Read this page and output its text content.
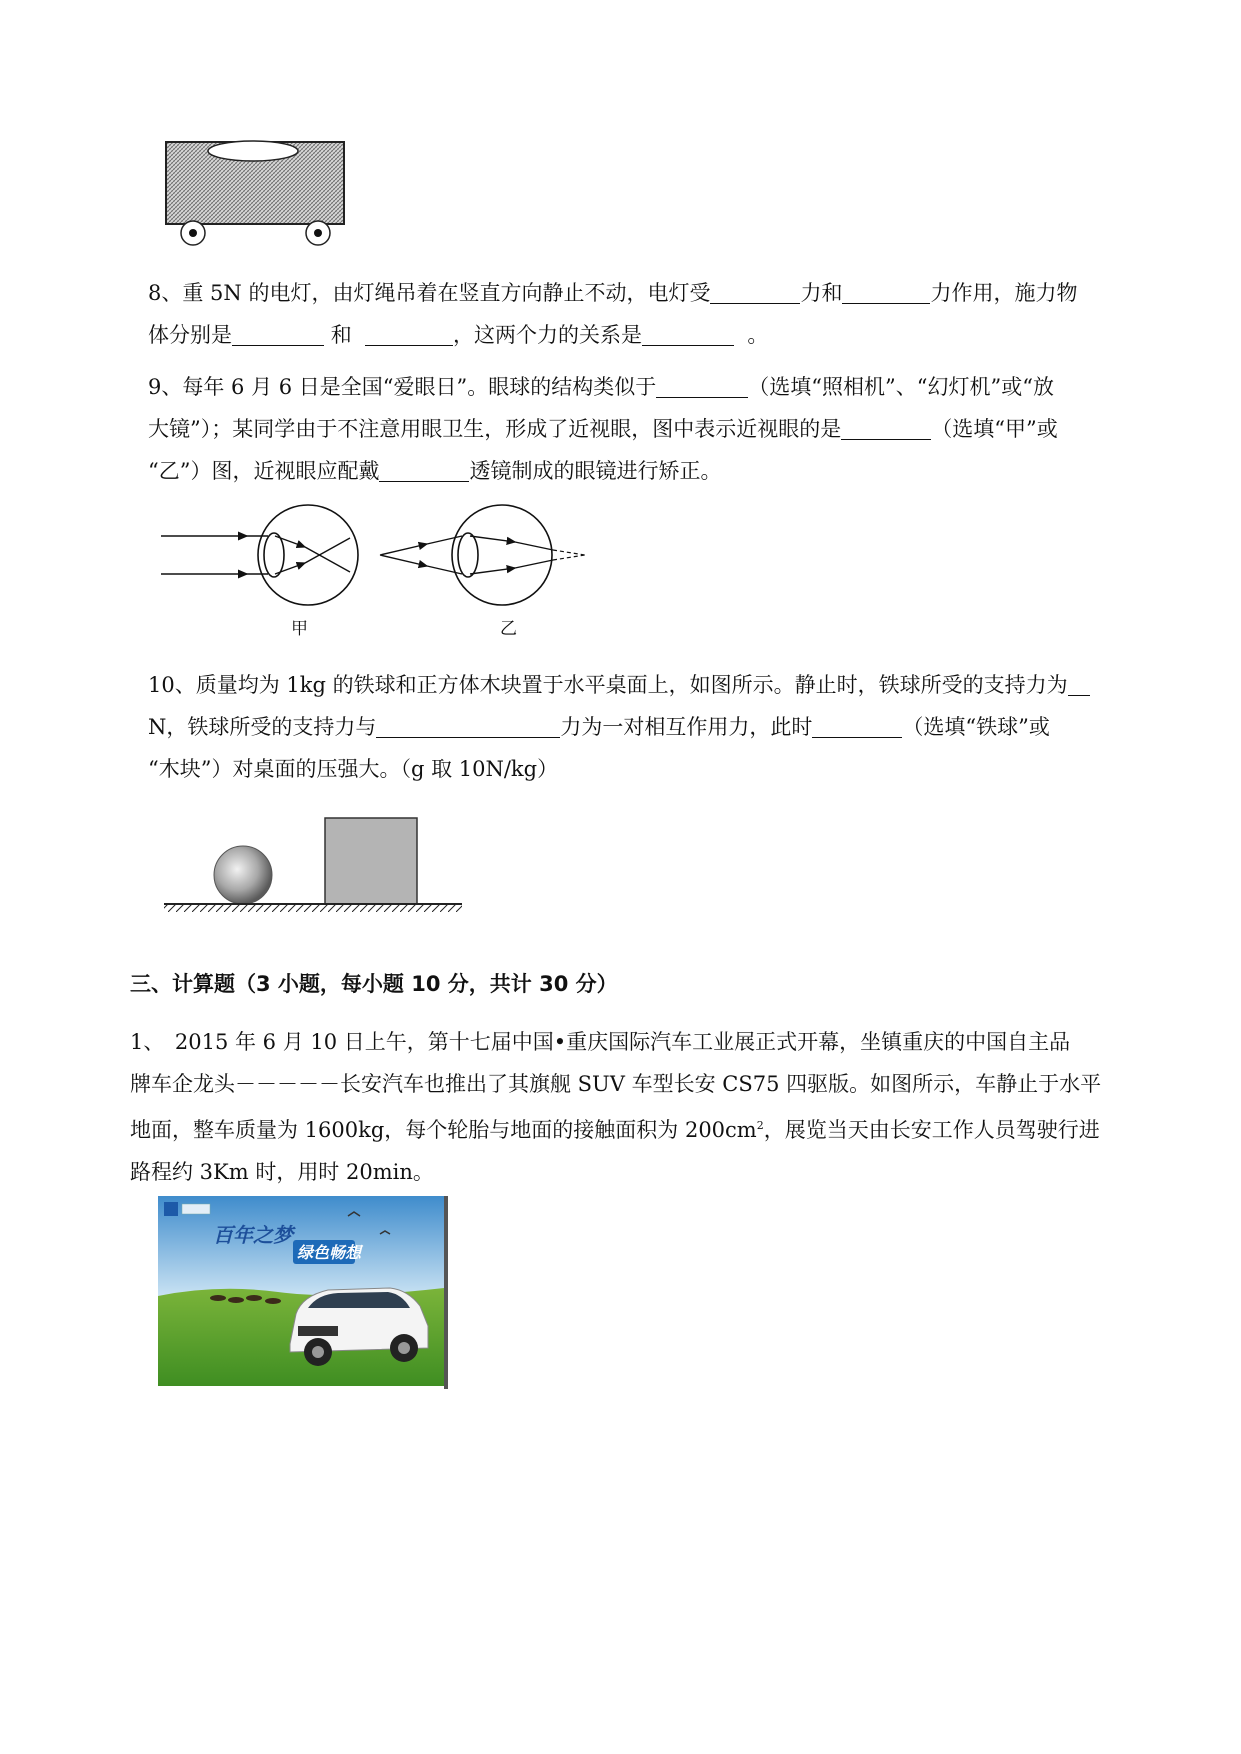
8、重 5N 的电灯，由灯绳吊着在竖直方向静止不动，电灯受	力和	力作用，施力物
体分别是	和	，这两个力的关系是	。

9、每年 6 月 6 日是全国“爱眼日”。眼球的结构类似于	（选填“照相机”、“幻灯机”或“放
大镜”）；某同学由于不注意用眼卫生，形成了近视眼，图中表示近视眼的是	（选填“甲”或
“乙”）图，近视眼应配戴	透镜制成的眼镜进行矫正。

甲	乙

10、质量均为 1kg 的铁球和正方体木块置于水平桌面上，如图所示。静止时，铁球所受的支持力为
N，铁球所受的支持力与	力为一对相互作用力，此时	（选填“铁球”或
“木块”）对桌面的压强大。（g 取 10N/kg）

三、计算题（3 小题，每小题 10 分，共计 30 分）

1、　2015 年 6 月 10 日上午，第十七届中国•重庆国际汽车工业展正式开幕，坐镇重庆的中国自主品
牌车企龙头－－－－－长安汽车也推出了其旗舰 SUV 车型长安 CS75 四驱版。如图所示，车静止于水平
地面，整车质量为 1600kg，每个轮胎与地面的接触面积为 $200cm^2$，展览当天由长安工作人员驾驶行进
路程约 3Km 时，用时 20min。

百年之梦
绿色畅想
